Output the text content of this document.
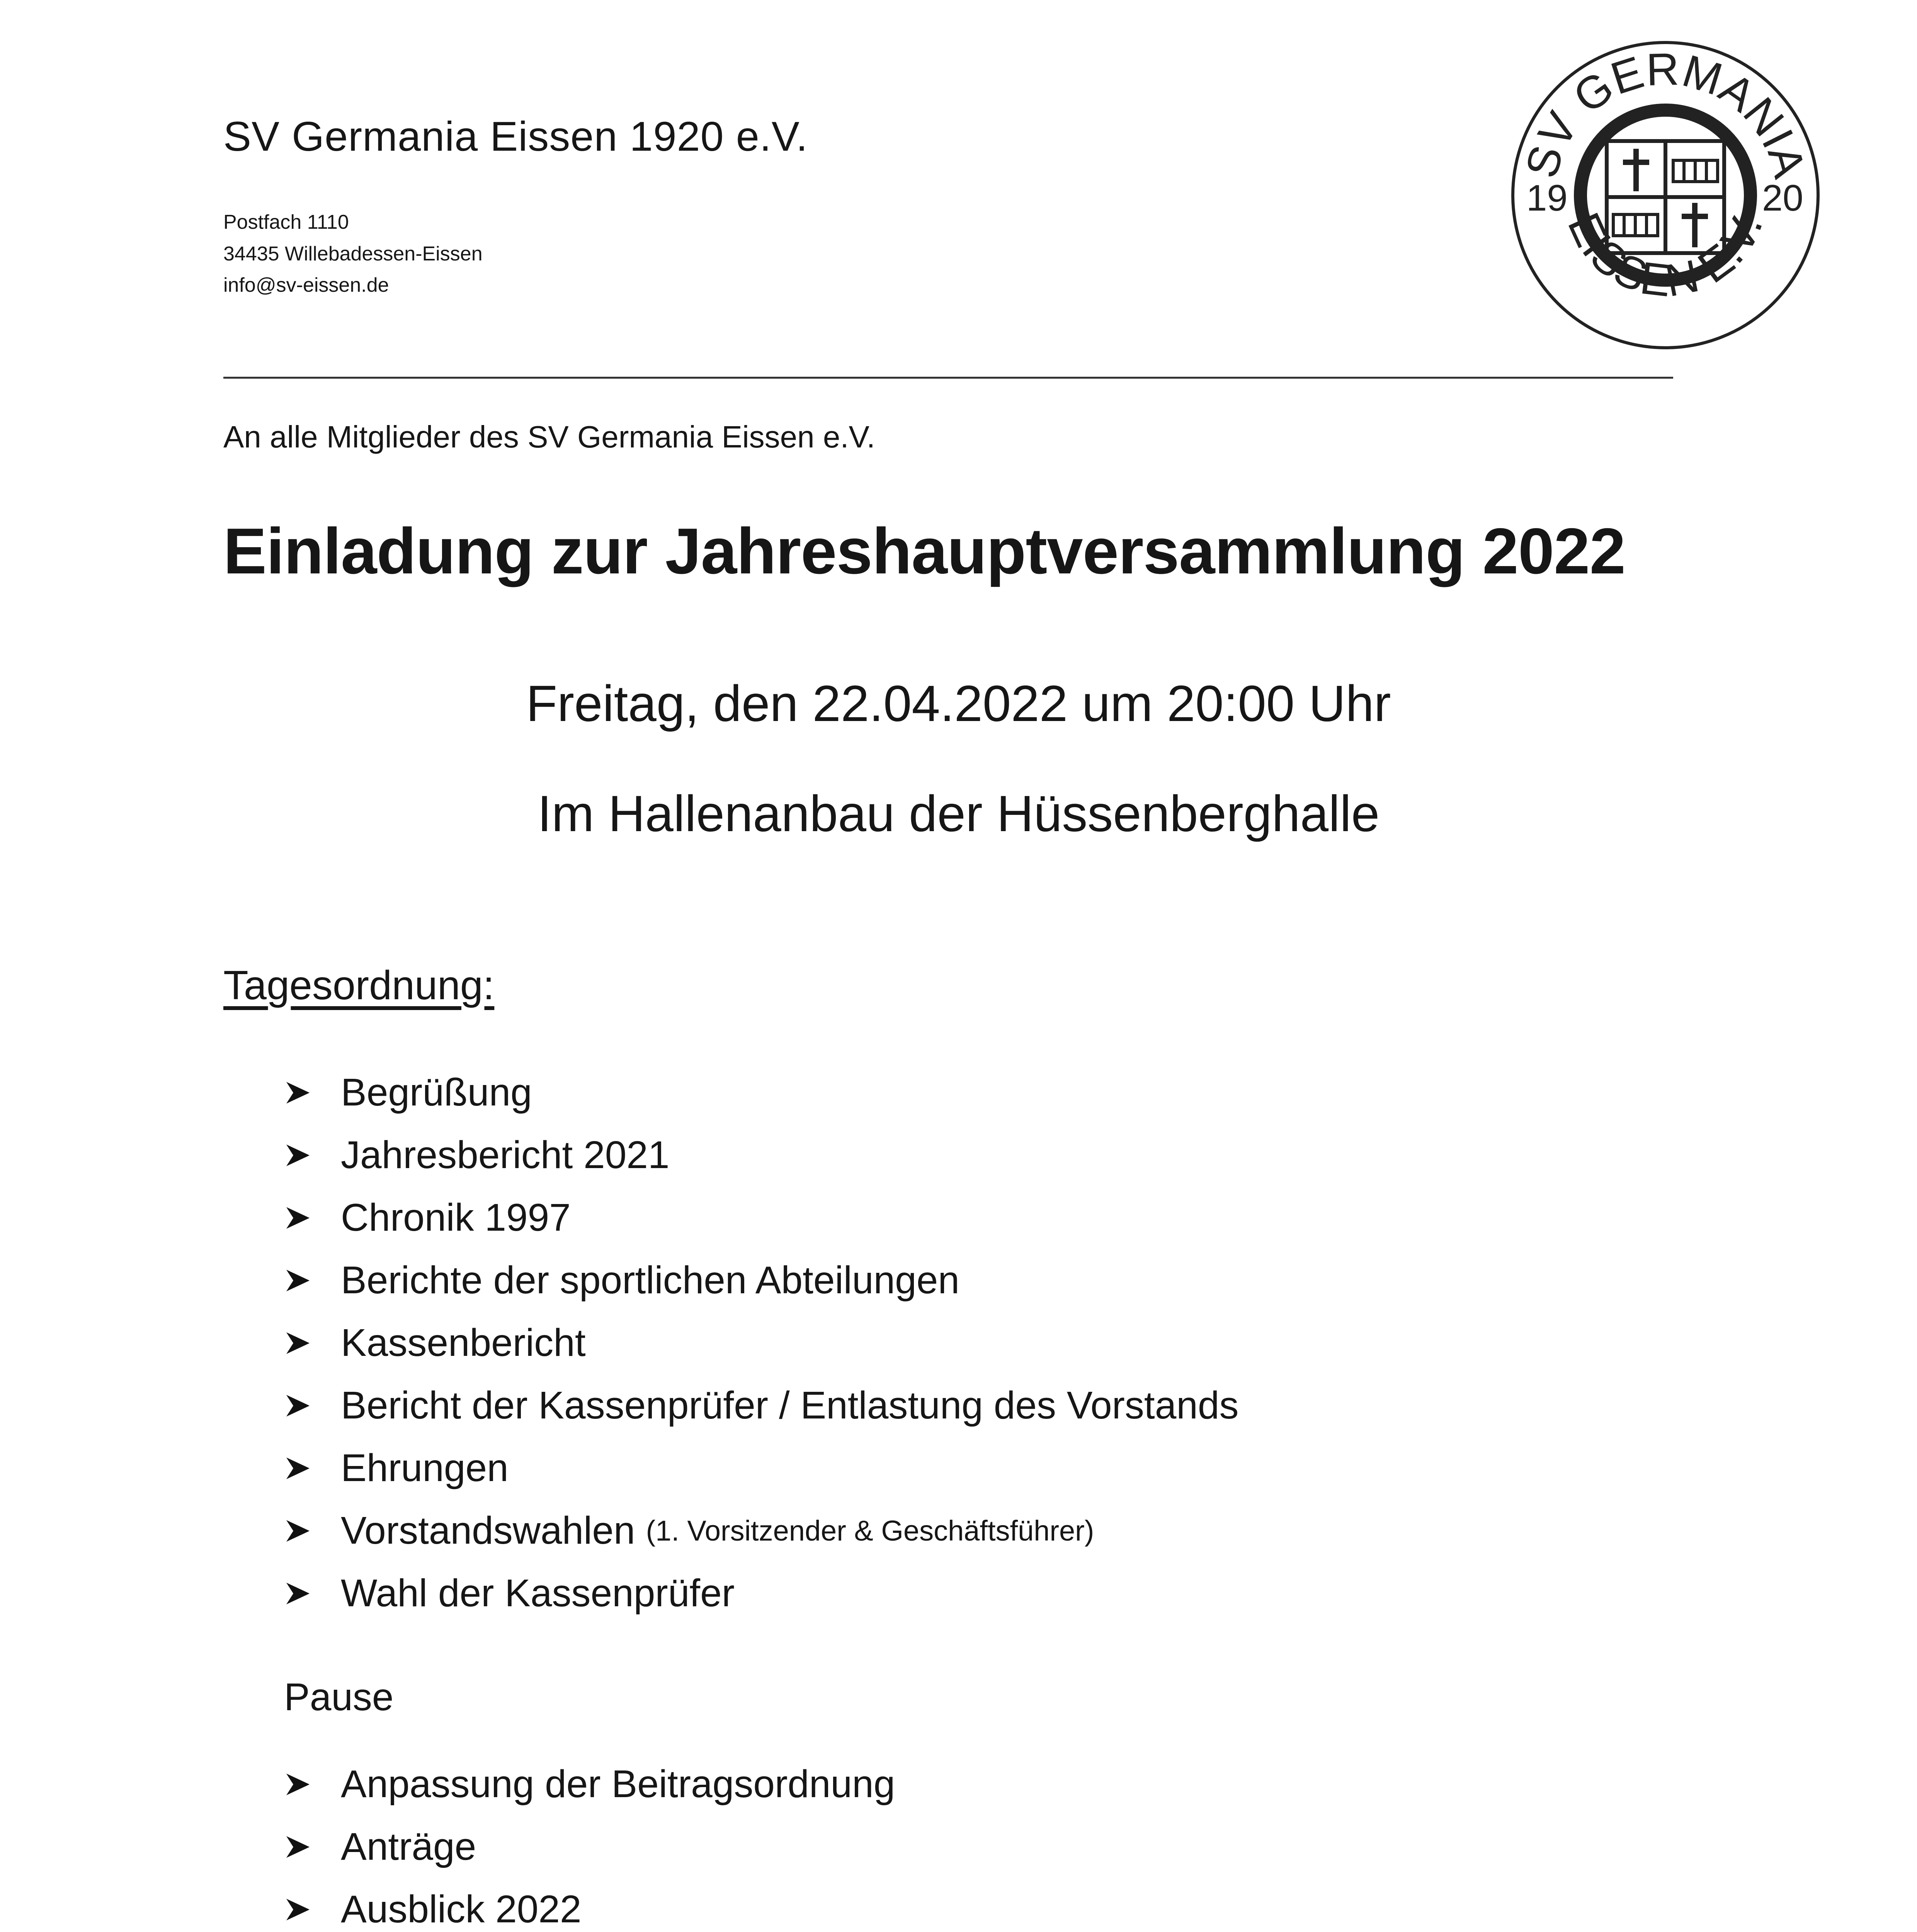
SV Germania Eissen 1920 e.V.
Postfach 1110
34435 Willebadessen-Eissen
info@sv-eissen.de
SV GERMANIA
EISSEN E.V.
19	20
An alle Mitglieder des SV Germania Eissen e.V.
Einladung zur Jahreshauptversammlung 2022
Freitag, den 22.04.2022 um 20:00 Uhr
Im Hallenanbau der Hüssenberghalle
Tagesordnung:
Begrüßung
Jahresbericht 2021
Chronik 1997
Berichte der sportlichen Abteilungen
Kassenbericht
Bericht der Kassenprüfer / Entlastung des Vorstands
Ehrungen
Vorstandswahlen (1. Vorsitzender & Geschäftsführer)
Wahl der Kassenprüfer
Pause
Anpassung der Beitragsordnung
Anträge
Ausblick 2022
